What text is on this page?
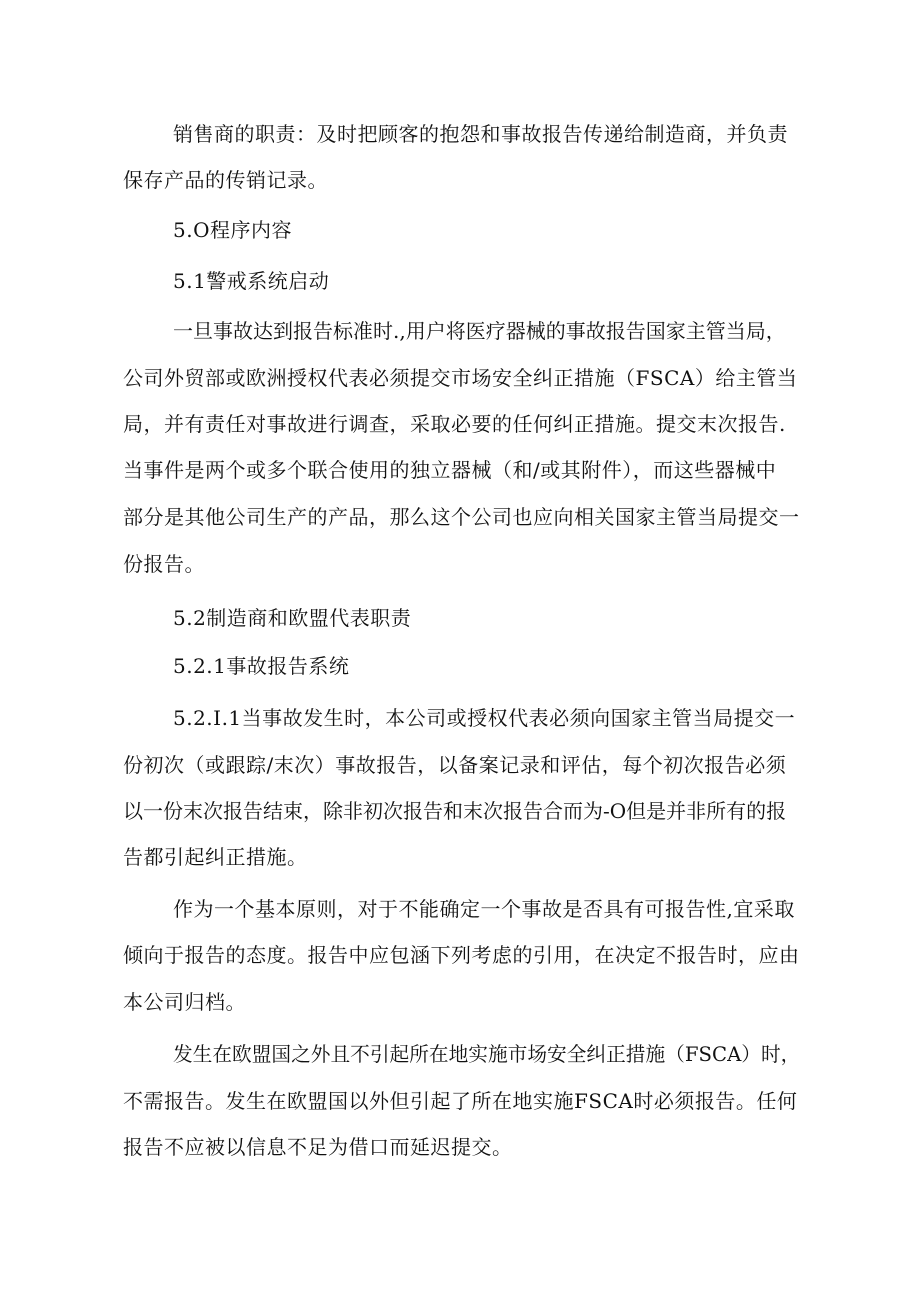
销售商的职责：及时把顾客的抱怨和事故报告传递给制造商，并负责
保存产品的传销记录。
5.O程序内容
5.1警戒系统启动
一旦事故达到报告标准时.,用户将医疗器械的事故报告国家主管当局，
公司外贸部或欧洲授权代表必须提交市场安全纠正措施（FSCA）给主管当
局，并有责任对事故进行调查，采取必要的任何纠正措施。提交末次报告.
当事件是两个或多个联合使用的独立器械（和/或其附件），而这些器械中
部分是其他公司生产的产品，那么这个公司也应向相关国家主管当局提交一
份报告。
5.2制造商和欧盟代表职责
5.2.1事故报告系统
5.2.I.1当事故发生时，本公司或授权代表必须向国家主管当局提交一
份初次（或跟踪/末次）事故报告，以备案记录和评估，每个初次报告必须
以一份末次报告结束，除非初次报告和末次报告合而为-O但是并非所有的报
告都引起纠正措施。
作为一个基本原则，对于不能确定一个事故是否具有可报告性,宜采取
倾向于报告的态度。报告中应包涵下列考虑的引用，在决定不报告时，应由
本公司归档。
发生在欧盟国之外且不引起所在地实施市场安全纠正措施（FSCA）时，
不需报告。发生在欧盟国以外但引起了所在地实施FSCA时必须报告。任何
报告不应被以信息不足为借口而延迟提交。
